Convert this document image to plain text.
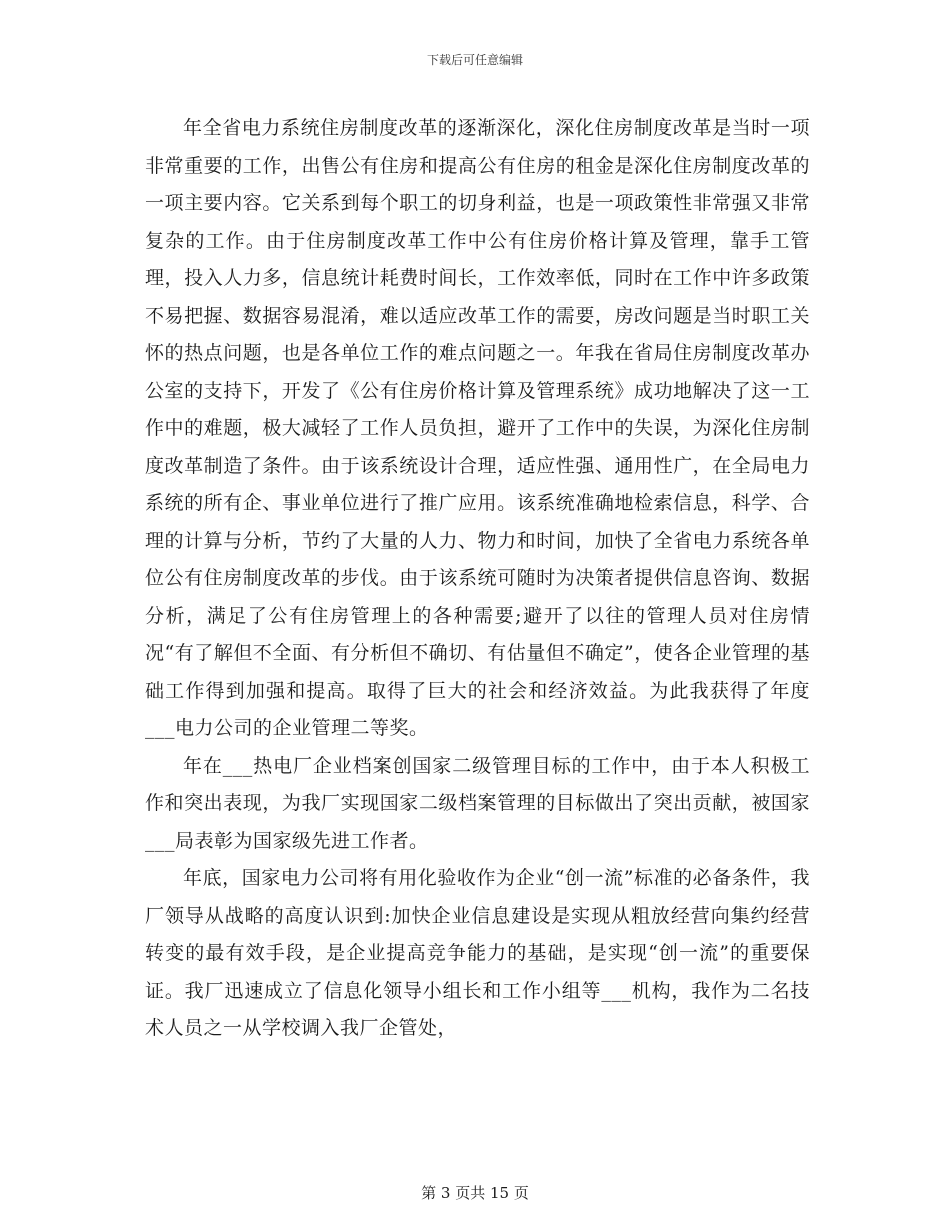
下载后可任意编辑

年全省电力系统住房制度改革的逐渐深化，深化住房制度改革是当时一项非常重要的工作，出售公有住房和提高公有住房的租金是深化住房制度改革的一项主要内容。它关系到每个职工的切身利益，也是一项政策性非常强又非常复杂的工作。由于住房制度改革工作中公有住房价格计算及管理，靠手工管理，投入人力多，信息统计耗费时间长，工作效率低，同时在工作中许多政策不易把握、数据容易混淆，难以适应改革工作的需要，房改问题是当时职工关怀的热点问题，也是各单位工作的难点问题之一。年我在省局住房制度改革办公室的支持下，开发了《公有住房价格计算及管理系统》成功地解决了这一工作中的难题，极大减轻了工作人员负担，避开了工作中的失误，为深化住房制度改革制造了条件。由于该系统设计合理，适应性强、通用性广，在全局电力系统的所有企、事业单位进行了推广应用。该系统准确地检索信息，科学、合理的计算与分析，节约了大量的人力、物力和时间，加快了全省电力系统各单位公有住房制度改革的步伐。由于该系统可随时为决策者提供信息咨询、数据分析，满足了公有住房管理上的各种需要;避开了以往的管理人员对住房情况“有了解但不全面、有分析但不确切、有估量但不确定”，使各企业管理的基础工作得到加强和提高。取得了巨大的社会和经济效益。为此我获得了年度___电力公司的企业管理二等奖。

年在___热电厂企业档案创国家二级管理目标的工作中，由于本人积极工作和突出表现，为我厂实现国家二级档案管理的目标做出了突出贡献，被国家___局表彰为国家级先进工作者。

年底，国家电力公司将有用化验收作为企业“创一流”标准的必备条件，我厂领导从战略的高度认识到:加快企业信息建设是实现从粗放经营向集约经营转变的最有效手段，是企业提高竞争能力的基础，是实现“创一流”的重要保证。我厂迅速成立了信息化领导小组长和工作小组等___机构，我作为二名技术人员之一从学校调入我厂企管处，

第 3 页共 15 页
